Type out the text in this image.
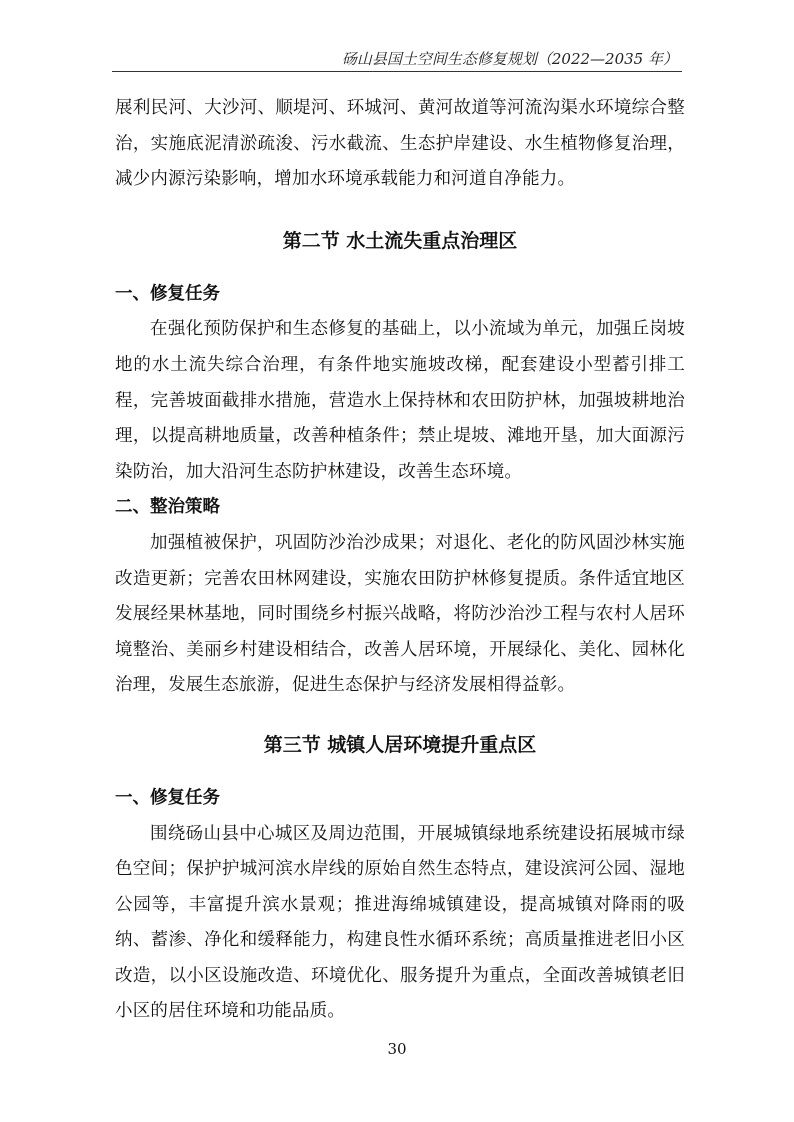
砀山县国土空间生态修复规划（2022—2035 年）

展利民河、大沙河、顺堤河、环城河、黄河故道等河流沟渠水环境综合整治，实施底泥清淤疏浚、污水截流、生态护岸建设、水生植物修复治理，减少内源污染影响，增加水环境承载能力和河道自净能力。

第二节 水土流失重点治理区

一、修复任务

在强化预防保护和生态修复的基础上，以小流域为单元，加强丘岗坡地的水土流失综合治理，有条件地实施坡改梯，配套建设小型蓄引排工程，完善坡面截排水措施，营造水上保持林和农田防护林，加强坡耕地治理，以提高耕地质量，改善种植条件；禁止堤坡、滩地开垦，加大面源污染防治，加大沿河生态防护林建设，改善生态环境。

二、整治策略

加强植被保护，巩固防沙治沙成果；对退化、老化的防风固沙林实施改造更新；完善农田林网建设，实施农田防护林修复提质。条件适宜地区发展经果林基地，同时围绕乡村振兴战略，将防沙治沙工程与农村人居环境整治、美丽乡村建设相结合，改善人居环境，开展绿化、美化、园林化治理，发展生态旅游，促进生态保护与经济发展相得益彰。

第三节 城镇人居环境提升重点区

一、修复任务

围绕砀山县中心城区及周边范围，开展城镇绿地系统建设拓展城市绿色空间；保护护城河滨水岸线的原始自然生态特点，建设滨河公园、湿地公园等，丰富提升滨水景观；推进海绵城镇建设，提高城镇对降雨的吸纳、蓄渗、净化和缓释能力，构建良性水循环系统；高质量推进老旧小区改造，以小区设施改造、环境优化、服务提升为重点，全面改善城镇老旧小区的居住环境和功能品质。

30
